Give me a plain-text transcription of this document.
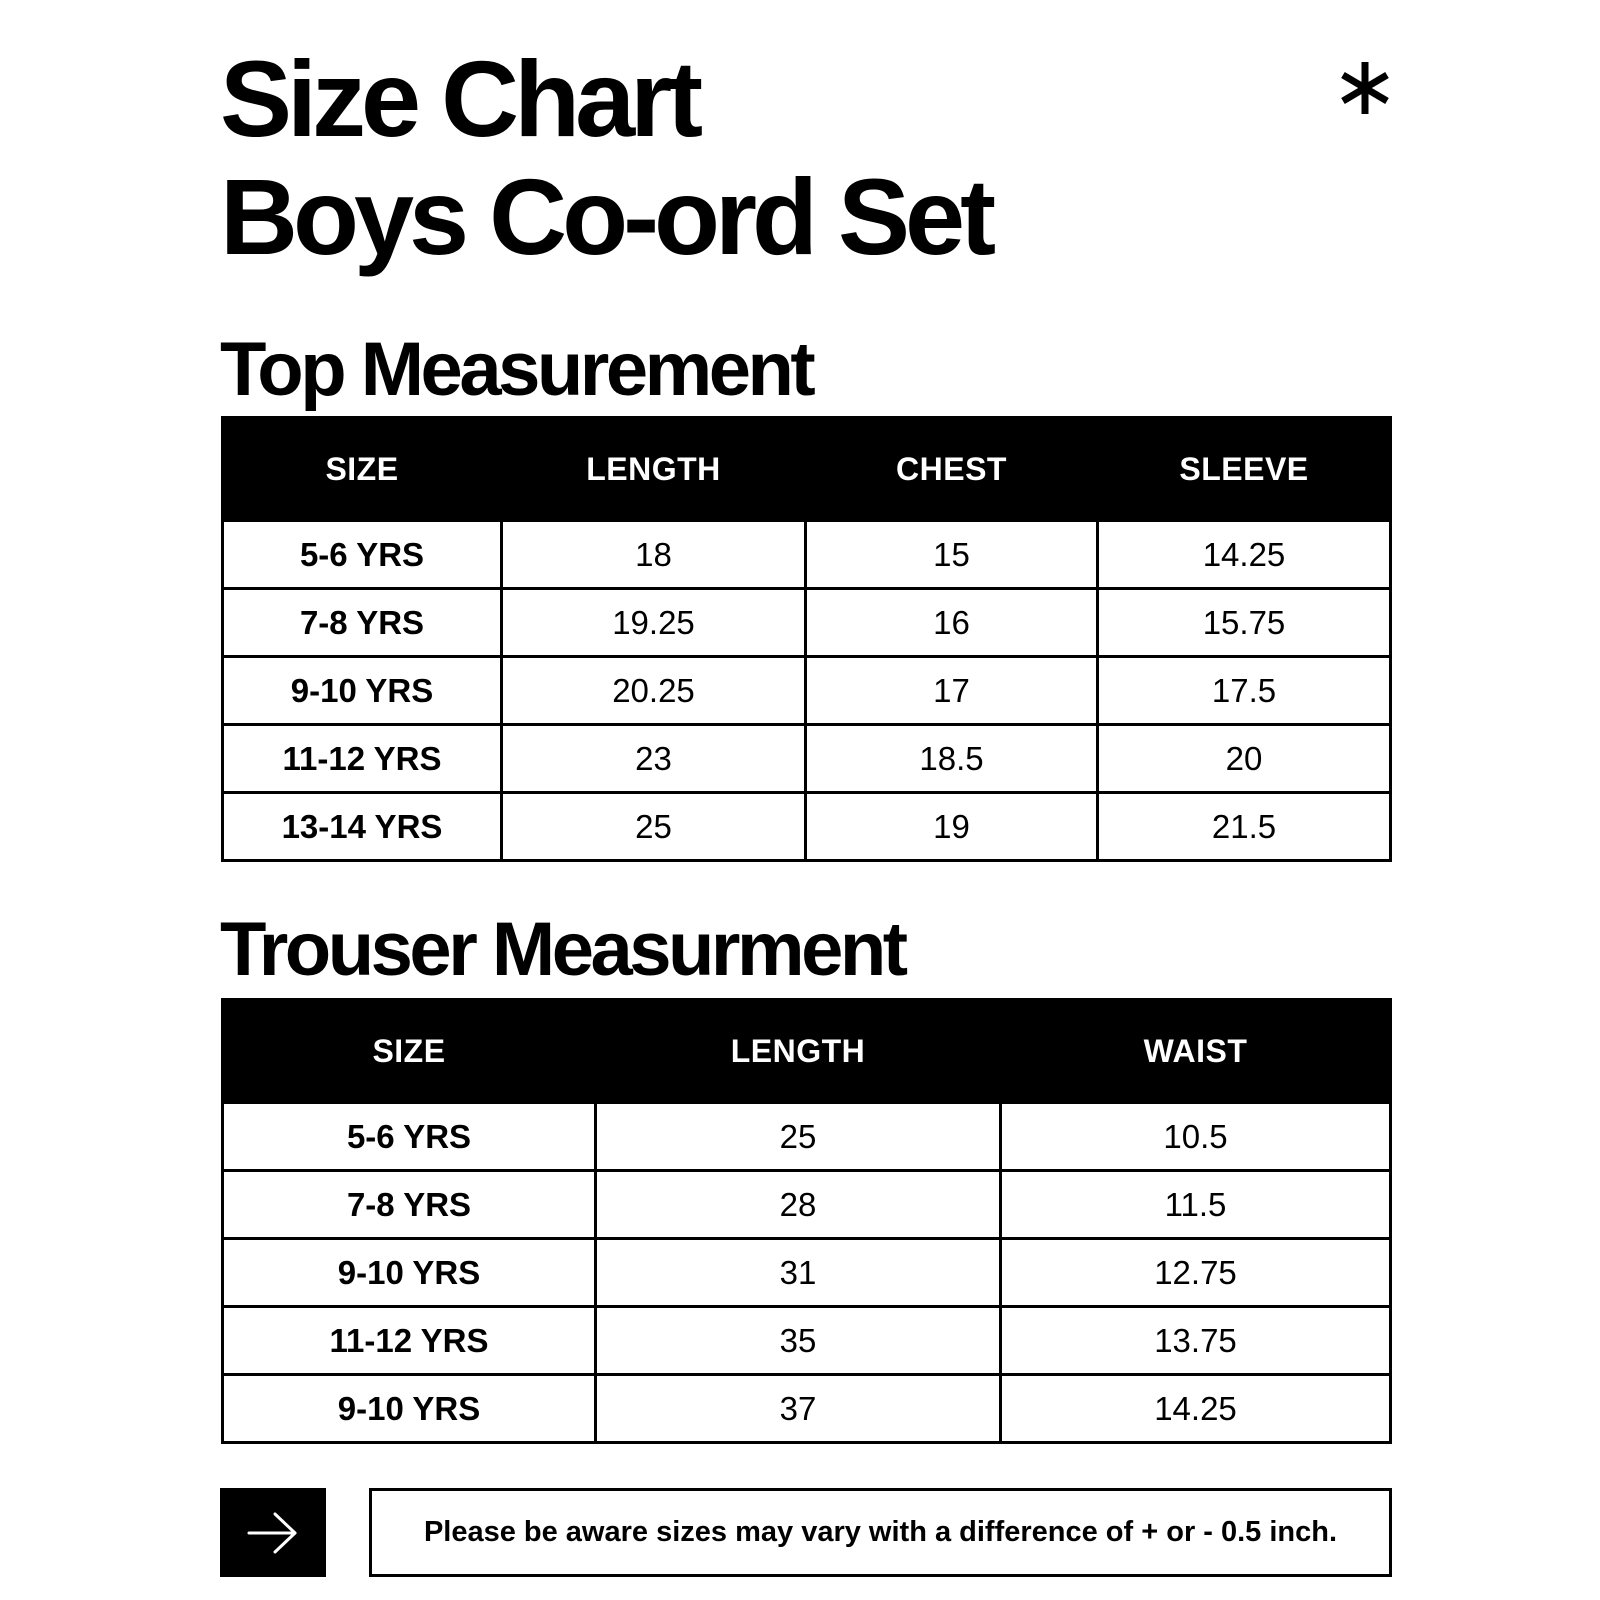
Size Chart
Boys Co-ord Set
Top Measurement
SIZE	LENGTH	CHEST	SLEEVE
5-6 YRS	18	15	14.25
7-8 YRS	19.25	16	15.75
9-10 YRS	20.25	17	17.5
11-12 YRS	23	18.5	20
13-14 YRS	25	19	21.5
Trouser Measurment
SIZE	LENGTH	WAIST
5-6 YRS	25	10.5
7-8 YRS	28	11.5
9-10 YRS	31	12.75
11-12 YRS	35	13.75
9-10 YRS	37	14.25
Please be aware sizes may vary with a difference of + or - 0.5 inch.
